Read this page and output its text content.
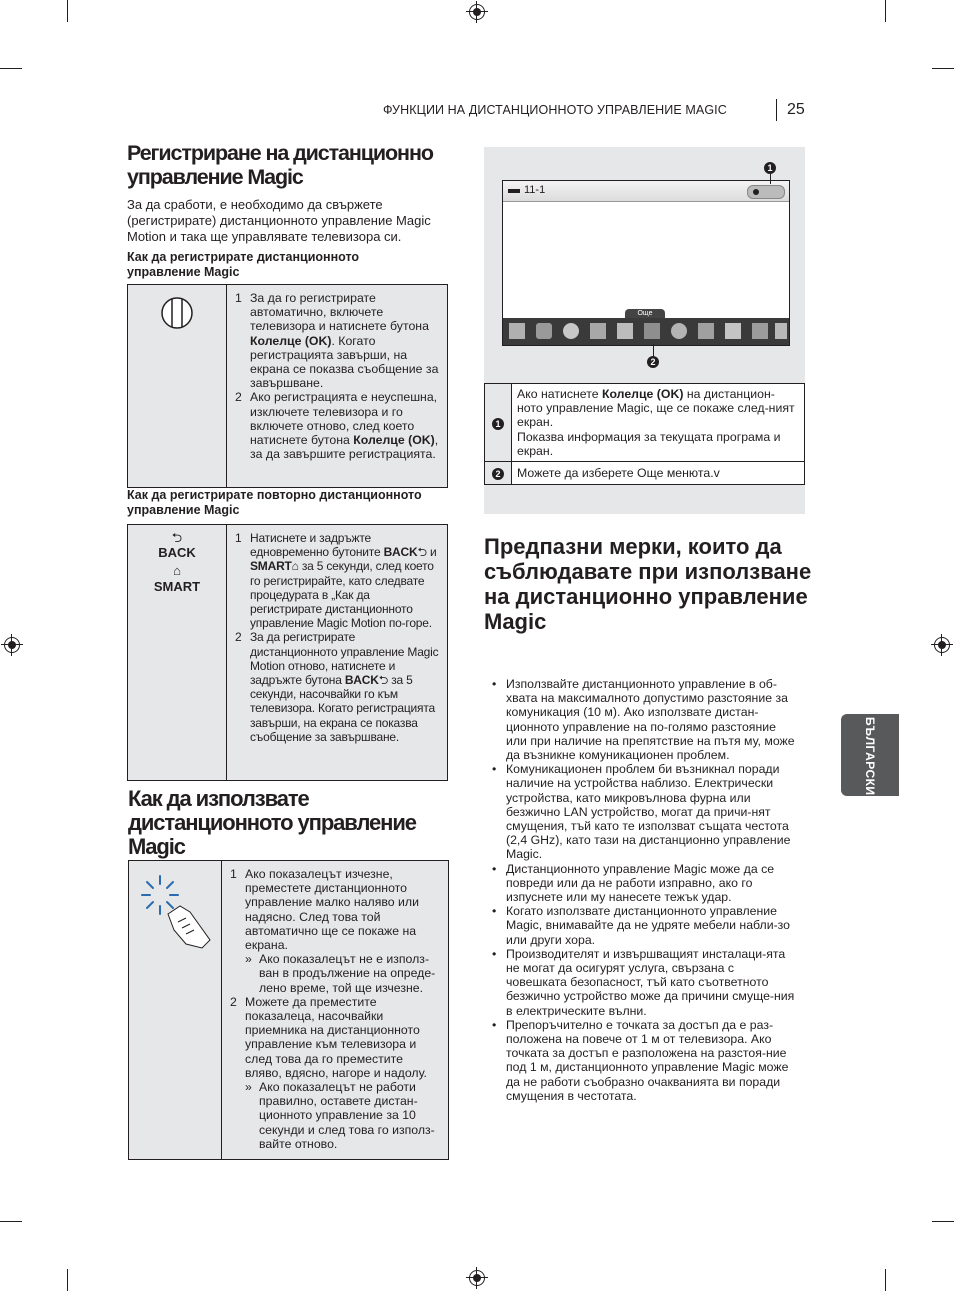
ФУНКЦИИ НА ДИСТАНЦИОННОТО УПРАВЛЕНИЕ MAGIC	25
БЪЛГАРСКИ
Регистриране на дистанционно управление Magic

За да сработи, е необходимо да свържете (регистрирате) дистанционното управление Magic Motion и така ще управлявате телевизора си.

Как да регистрирате дистанционното управление Magic

1 За да го регистрирате автоматично, включете телевизора и натиснете бутона Колелце (OK). Когато регистрацията завърши, на екрана се показва съобщение за завършване.
2 Ако регистрацията е неуспешна, изключете телевизора и го включете отново, след което натиснете бутона Колелце (OK), за да завършите регистрацията.

Как да регистрирате повторно дистанционното управление Magic

⮌
BACK
⌂
SMART

1 Натиснете и задръжте едновременно бутоните BACK⮌ и SMART⌂ за 5 секунди, след което го регистрирайте, като следвате процедурата в „Как да регистрирате дистанционното управление Magic Motion по-горе.
2 За да регистрирате дистанционното управление Magic Motion отново, натиснете и задръжте бутона BACK⮌ за 5 секунди, насочвайки го към телевизора. Когато регистрацията завърши, на екрана се показва съобщение за завършване.
Как да използвате дистанционното управление Magic

1 Ако показалецът изчезне, преместете дистанционното управление малко наляво или надясно. След това той автоматично ще се покаже на екрана.
» Ако показалецът не е използ-ван в продължение на опреде-лено време, той ще изчезне.
2 Можете да преместите показалеца, насочвайки приемника на дистанционното управление към телевизора и след това да го преместите вляво, вдясно, нагоре и надолу.
» Ако показалецът не работи правилно, оставете дистан-ционното управление за 10 секунди и след това го използ-вайте отново.
11-1
Още
1
2
1	Ако натиснете Колелце (OK) на дистанцион-ното управление Magic, ще се покаже след-ният екран.
Показва информация за текущата програма и екран.
2	Можете да изберете Още менюта.v
Предпазни мерки, които да съблюдавате при използване на дистанционно управление Magic
• Използвайте дистанционното управление в об-хвата на максималното допустимо разстояние за комуникация (10 м). Ако използвате дистан-ционното управление на по-голямо разстояние или при наличие на препятствие на пътя му, може да възникне комуникационен проблем.
• Комуникационен проблем би възникнал поради наличие на устройства наблизо. Електрически устройства, като микровълнова фурна или безжично LAN устройство, могат да причи-нят смущения, тъй като те използват същата честота (2,4 GHz), като тази на дистанционно управление Magic.
• Дистанционното управление Magic може да се повреди или да не работи изправно, ако го изпуснете или му нанесете тежък удар.
• Когато използвате дистанционното управление Magic, внимавайте да не удряте мебели набли-зо или други хора.
• Производителят и извършващият инсталаци-ята не могат да осигурят услуга, свързана с човешката безопасност, тъй като съответното безжично устройство може да причини смуще-ния в електрическите вълни.
• Препоръчително е точката за достъп да е раз-положена на повече от 1 м от телевизора. Ако точката за достъп е разположена на разстоя-ние под 1 м, дистанционното управление Magic може да не работи съобразно очакванията ви поради смущения в честотата.
